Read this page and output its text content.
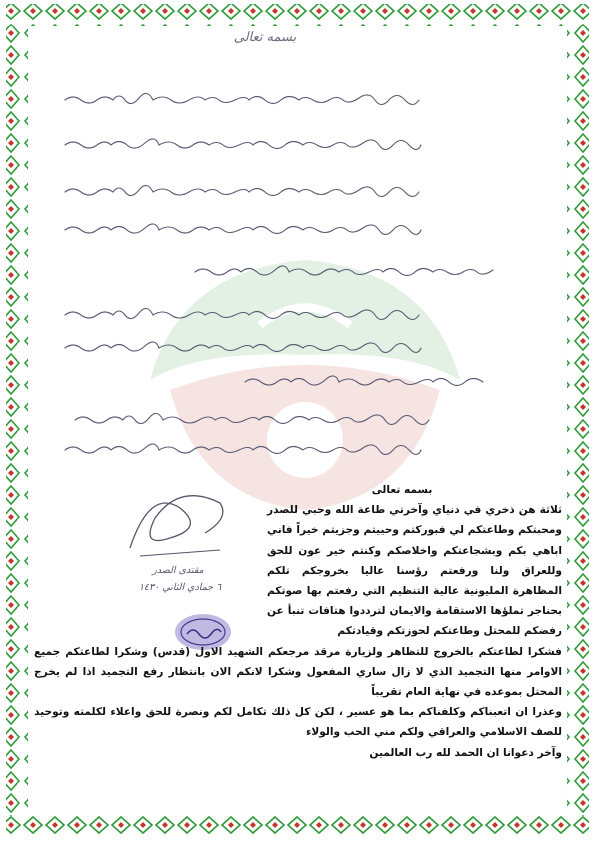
بسمه تعالى
مقتدى الصدر
٦ جمادي الثاني ١٤٣٠
بسمه تعالى
ثلاثة هن ذخري في دنياي وآخرتي طاعة الله وحبي للصدر ومحبتكم وطاعتكم لي فبوركتم وحييتم وجزيتم خيراً فاني اباهي بكم وبشجاعتكم واخلاصكم وكنتم خير عون للحق وللعراق ولنا ورفعتم رؤسنا عاليا بخروجكم تلكم المظاهرة المليونية عالية التنظيم التي رفعتم بها صوتكم بحناجر تملؤها الاستقامة والايمان لترددوا هتافات تنبأ عن رفضكم للمحتل وطاعتكم لحوزتكم وقيادتكم
فشكرا لطاعتكم بالخروج للتظاهر ولزيارة مرقد مرجعكم الشهيد الاول (قدس) وشكرا لطاعتكم جميع الاوامر منها التجميد الذي لا زال ساري المفعول وشكرا لانكم الان بانتظار رفع التجميد اذا لم يخرج المحتل بموعده في نهاية العام تقريباً
وعذرا ان اتعبناكم وكلفناكم بما هو عسير ، لكن كل ذلك تكامل لكم ونصرة للحق واعلاء لكلمته وتوحيد للصف الاسلامي والعراقي ولكم مني الحب والولاء
وآخر دعوانا ان الحمد لله رب العالمين
